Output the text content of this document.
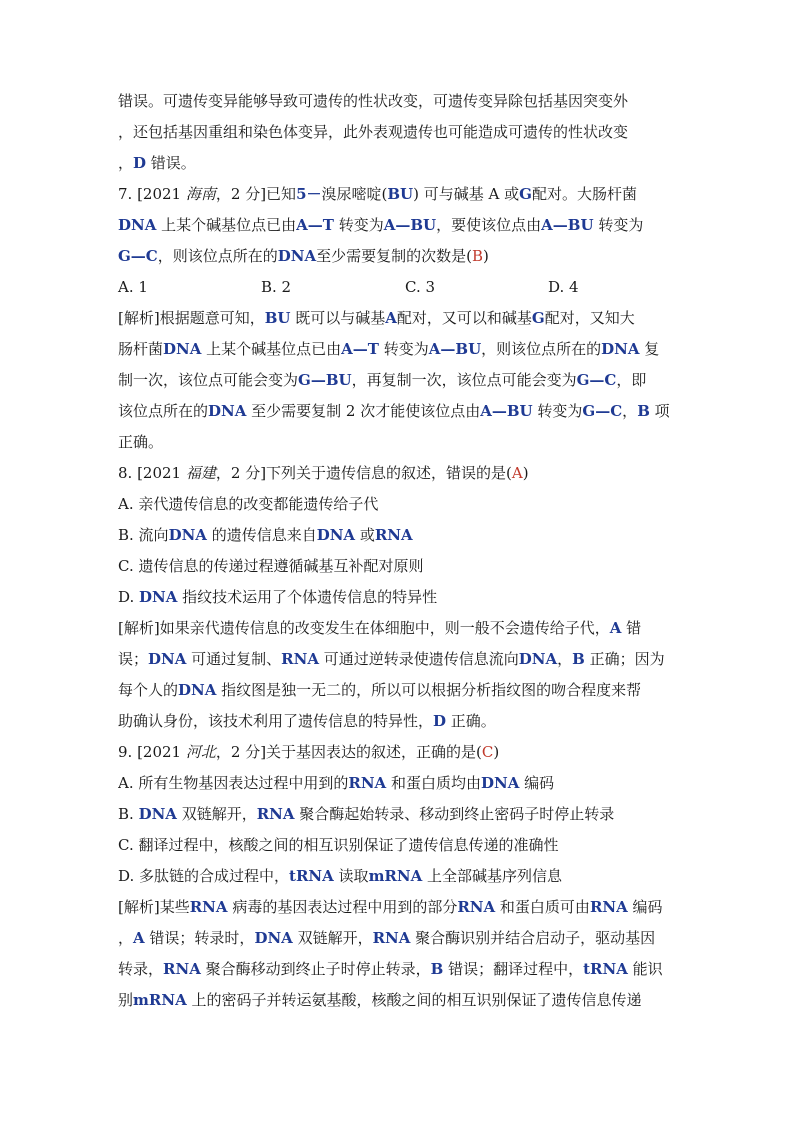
错误。可遗传变异能够导致可遗传的性状改变，可遗传变异除包括基因突变外
，还包括基因重组和染色体变异，此外表观遗传也可能造成可遗传的性状改变
，D 错误。
7. [2021 海南，2 分]已知5－溴尿嘧啶(BU) 可与碱基 A 或G配对。大肠杆菌
DNA 上某个碱基位点已由A—T 转变为A—BU，要使该位点由A—BU 转变为
G—C，则该位点所在的DNA至少需要复制的次数是(B)
A. 1	B. 2	C. 3	D. 4
[解析]根据题意可知，BU 既可以与碱基A配对，又可以和碱基G配对，又知大
肠杆菌DNA 上某个碱基位点已由A—T 转变为A—BU，则该位点所在的DNA 复
制一次，该位点可能会变为G—BU，再复制一次，该位点可能会变为G—C，即
该位点所在的DNA 至少需要复制 2 次才能使该位点由A—BU 转变为G—C，B 项
正确。
8. [2021 福建，2 分]下列关于遗传信息的叙述，错误的是(A)
A. 亲代遗传信息的改变都能遗传给子代
B. 流向DNA 的遗传信息来自DNA 或RNA
C. 遗传信息的传递过程遵循碱基互补配对原则
D. DNA 指纹技术运用了个体遗传信息的特异性
[解析]如果亲代遗传信息的改变发生在体细胞中，则一般不会遗传给子代，A 错
误；DNA 可通过复制、RNA 可通过逆转录使遗传信息流向DNA，B 正确；因为
每个人的DNA 指纹图是独一无二的，所以可以根据分析指纹图的吻合程度来帮
助确认身份，该技术利用了遗传信息的特异性，D 正确。
9. [2021 河北，2 分]关于基因表达的叙述，正确的是(C)
A. 所有生物基因表达过程中用到的RNA 和蛋白质均由DNA 编码
B. DNA 双链解开，RNA 聚合酶起始转录、移动到终止密码子时停止转录
C. 翻译过程中，核酸之间的相互识别保证了遗传信息传递的准确性
D. 多肽链的合成过程中，tRNA 读取mRNA 上全部碱基序列信息
[解析]某些RNA 病毒的基因表达过程中用到的部分RNA 和蛋白质可由RNA 编码
，A 错误；转录时，DNA 双链解开，RNA 聚合酶识别并结合启动子，驱动基因
转录，RNA 聚合酶移动到终止子时停止转录，B 错误；翻译过程中，tRNA 能识
别mRNA 上的密码子并转运氨基酸，核酸之间的相互识别保证了遗传信息传递
